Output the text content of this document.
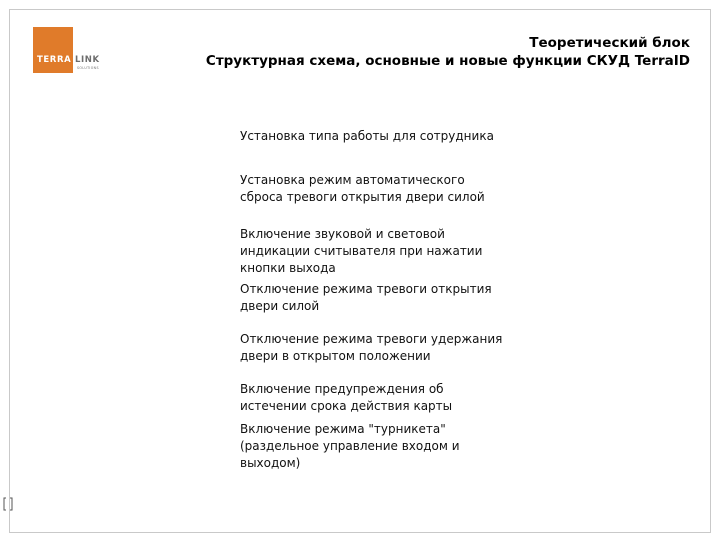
TERRA LINK
SOLUTIONS
Теоретический блок
Структурная схема, основные и новые функции СКУД TerraID
Установка типа работы для сотрудника
Установка режим автоматического сброса тревоги открытия двери силой
Включение звуковой и световой индикации считывателя при нажатии кнопки выхода
Отключение режима тревоги открытия двери силой
Отключение режима тревоги удержания двери в открытом положении
Включение предупреждения об истечении срока действия карты
Включение режима "турникета" (раздельное управление входом и выходом)
